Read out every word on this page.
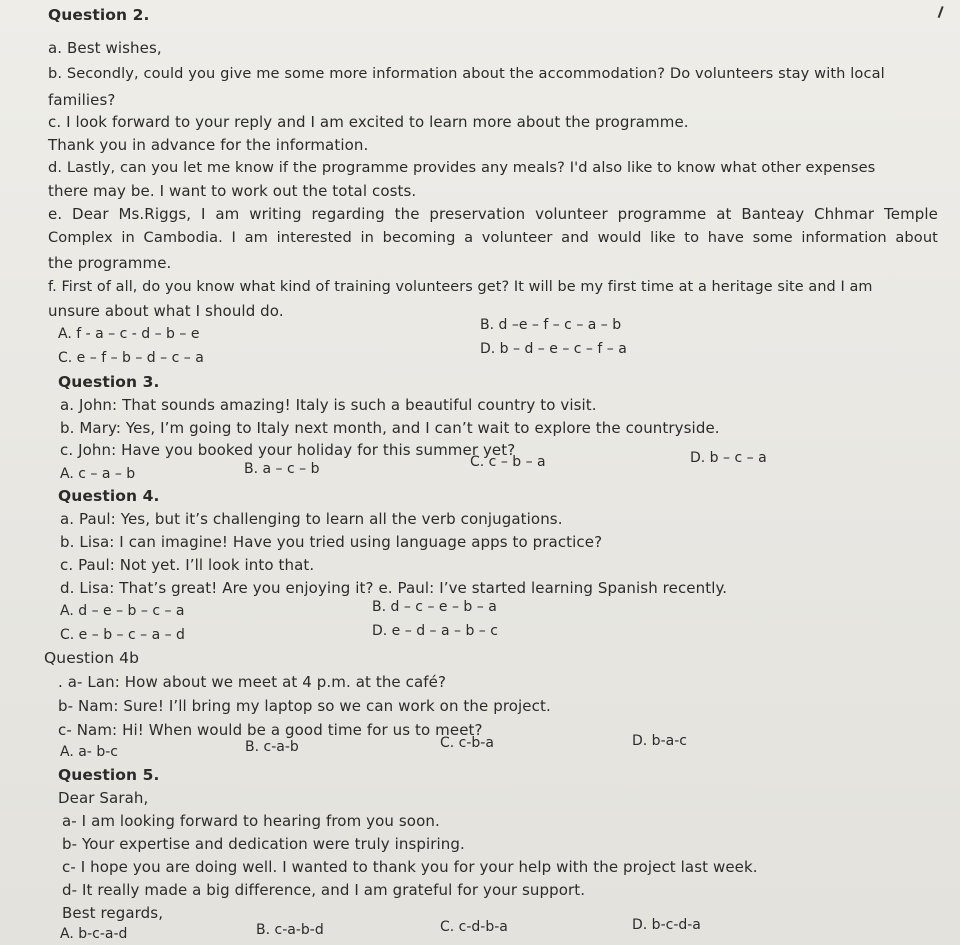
Question 2.
a. Best wishes,
b. Secondly, could you give me some more information about the accommodation? Do volunteers stay with local
families?
c. I look forward to your reply and I am excited to learn more about the programme.
Thank you in advance for the information.
d. Lastly, can you let me know if the programme provides any meals? I'd also like to know what other expenses
there may be. I want to work out the total costs.
e. Dear Ms.Riggs, I am writing regarding the preservation volunteer programme at Banteay Chhmar Temple
Complex in Cambodia. I am interested in becoming a volunteer and would like to have some information about
the programme.
f. First of all, do you know what kind of training volunteers get? It will be my first time at a heritage site and I am
unsure about what I should do.
A. f - a – c - d – b – e
B. d –e – f – c – a – b
C. e – f – b – d – c – a
D. b – d – e – c – f – a
Question 3.
a. John: That sounds amazing! Italy is such a beautiful country to visit.
b. Mary: Yes, I’m going to Italy next month, and I can’t wait to explore the countryside.
c. John: Have you booked your holiday for this summer yet?
A. c – a – b	B. a – c – b	C. c – b – a	D. b – c – a
Question 4.
a. Paul: Yes, but it’s challenging to learn all the verb conjugations.
b. Lisa: I can imagine! Have you tried using language apps to practice?
c. Paul: Not yet. I’ll look into that.
d. Lisa: That’s great! Are you enjoying it? e. Paul: I’ve started learning Spanish recently.
A. d – e – b – c – a	B. d – c – e – b – a
C. e – b – c – a – d	D. e – d – a – b – c
Question 4b
. a- Lan: How about we meet at 4 p.m. at the café?
b- Nam: Sure! I’ll bring my laptop so we can work on the project.
c- Nam: Hi! When would be a good time for us to meet?
A. a- b-c	B. c-a-b	C. c-b-a	D. b-a-c
Question 5.
Dear Sarah,
a- I am looking forward to hearing from you soon.
b- Your expertise and dedication were truly inspiring.
c- I hope you are doing well. I wanted to thank you for your help with the project last week.
d- It really made a big difference, and I am grateful for your support.
Best regards,
A. b-c-a-d	B. c-a-b-d	C. c-d-b-a	D. b-c-d-a
